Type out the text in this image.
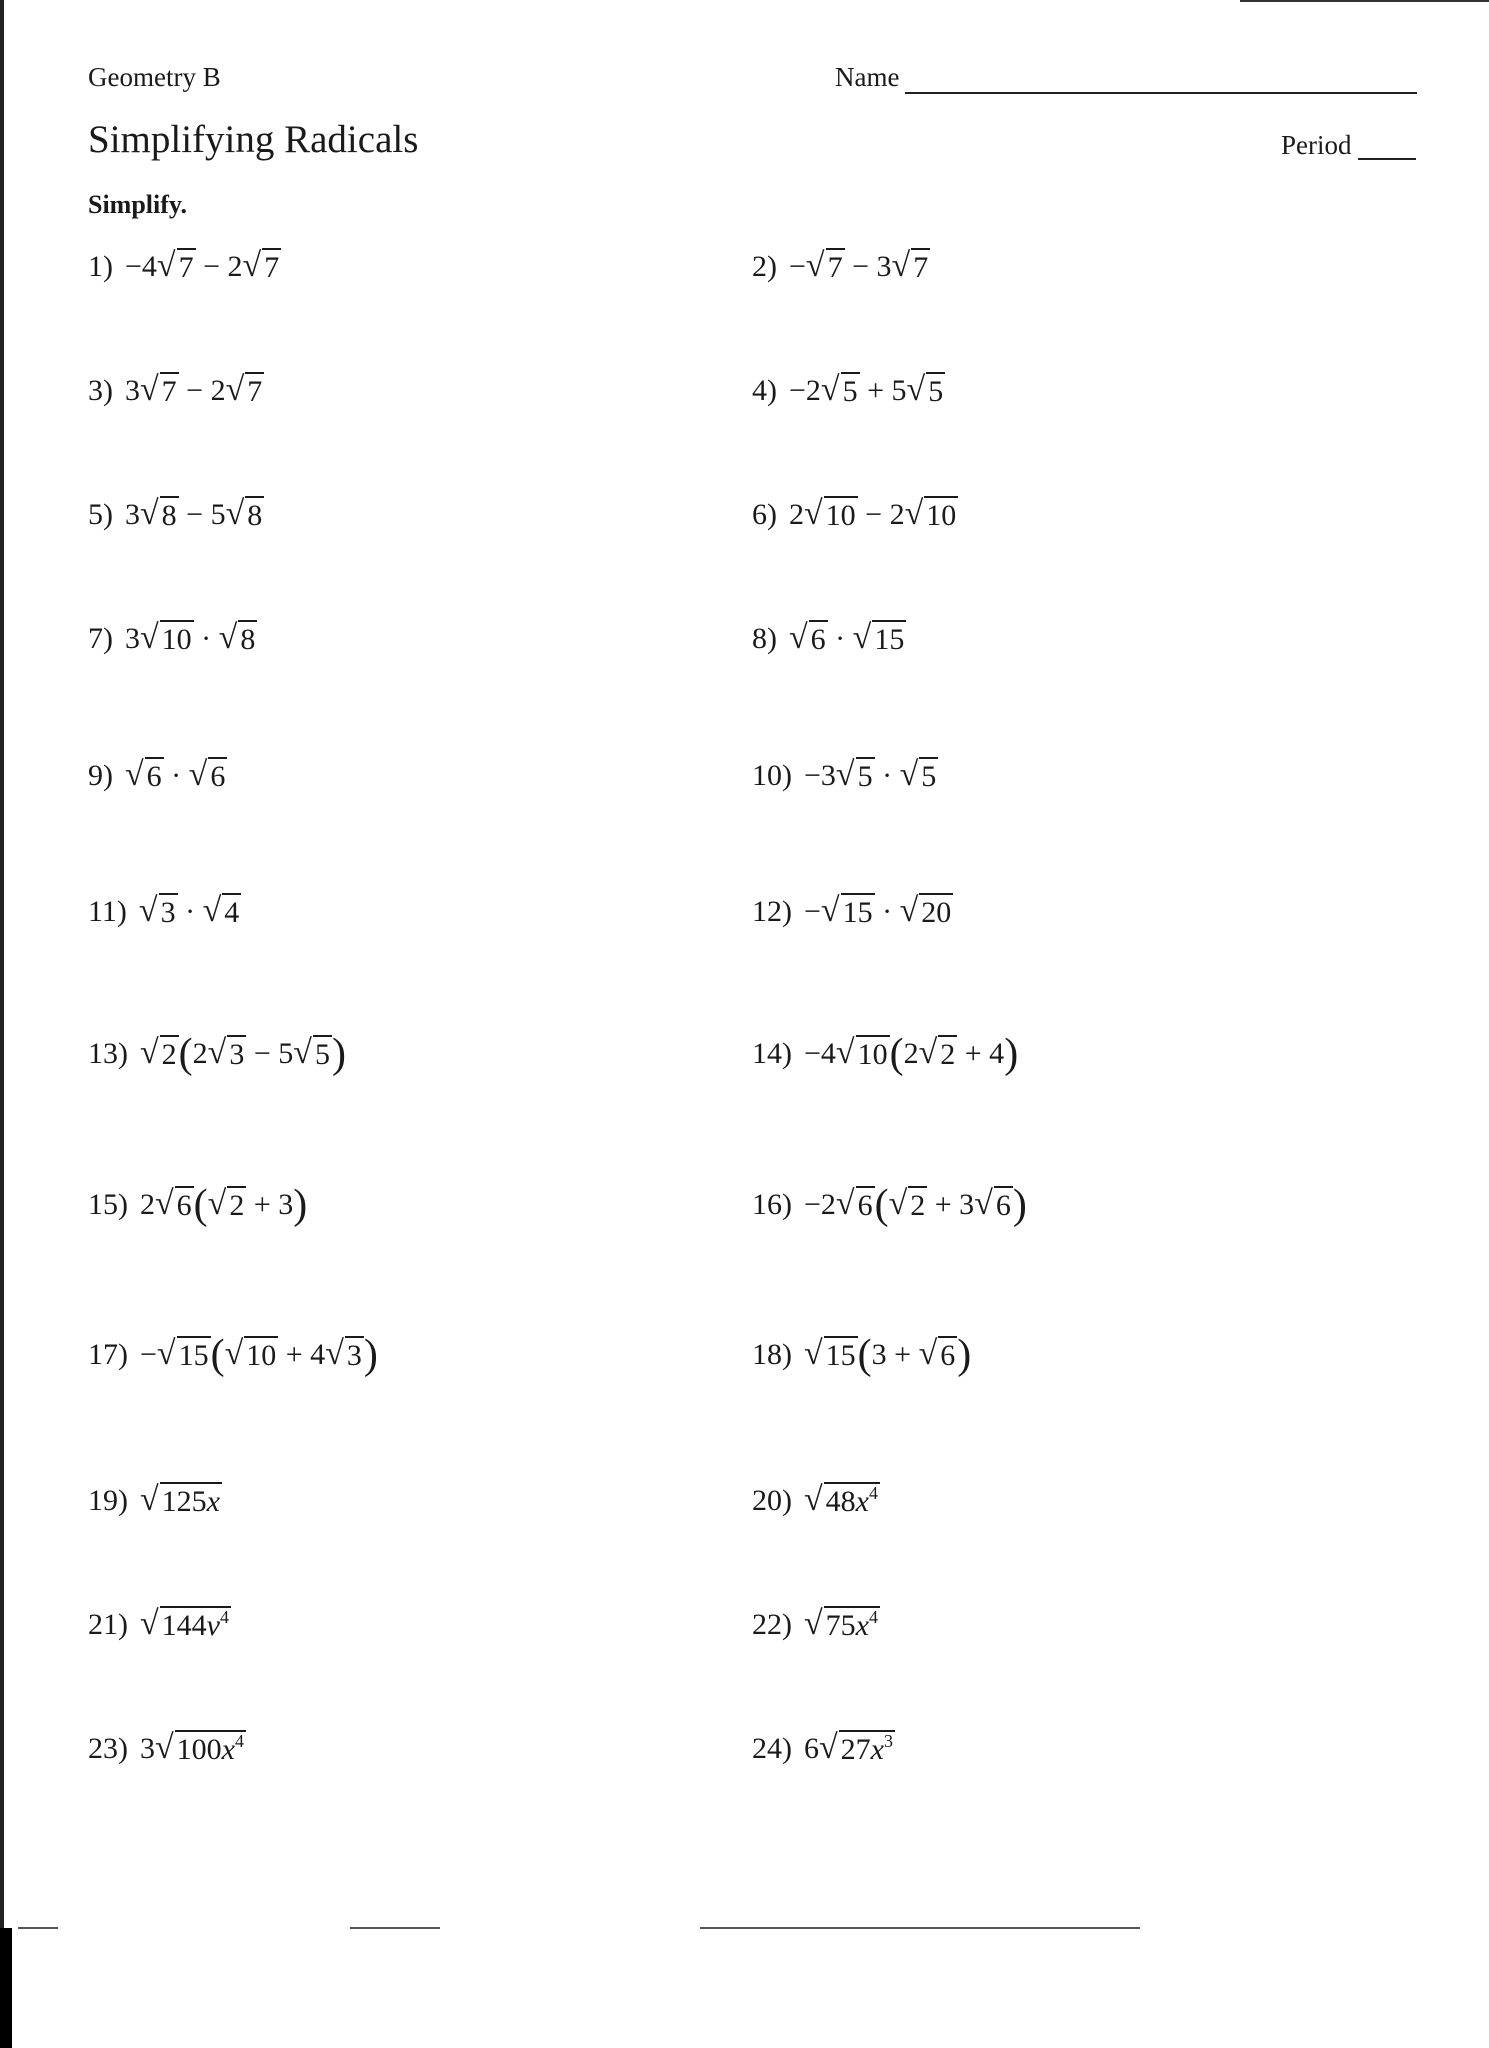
Geometry B	Name
Period
Simplifying Radicals
Simplify.
1) −4 √ 7 − 2 √ 7	2) − √ 7 − 3 √ 7
3) 3 √ 7 − 2 √ 7	4) −2 √ 5 + 5 √ 5
5) 3 √ 8 − 5 √ 8	6) 2 √ 10 − 2 √ 10
7) 3 √ 10 · √ 8	8) √ 6 · √ 15
9) √ 6 · √ 6	10) −3 √ 5 · √ 5
11) √ 3 · √ 4	12) − √ 15 · √ 20
13) √ 2 (2 √ 3 − 5 √ 5 )	14) −4 √ 10 (2 √ 2 + 4)
15) 2 √ 6 ( √ 2 + 3)	16) −2 √ 6 ( √ 2 + 3 √ 6 )
17) − √ 15 ( √ 10 + 4 √ 3 )	18) √ 15 (3 + √ 6 )
19) √ 125x	20) √ $48x^4$
21) √ $144v^4$	22) √ $75x^4$
23) 3 √ $100x^4$	24) 6 √ $27x^3$
